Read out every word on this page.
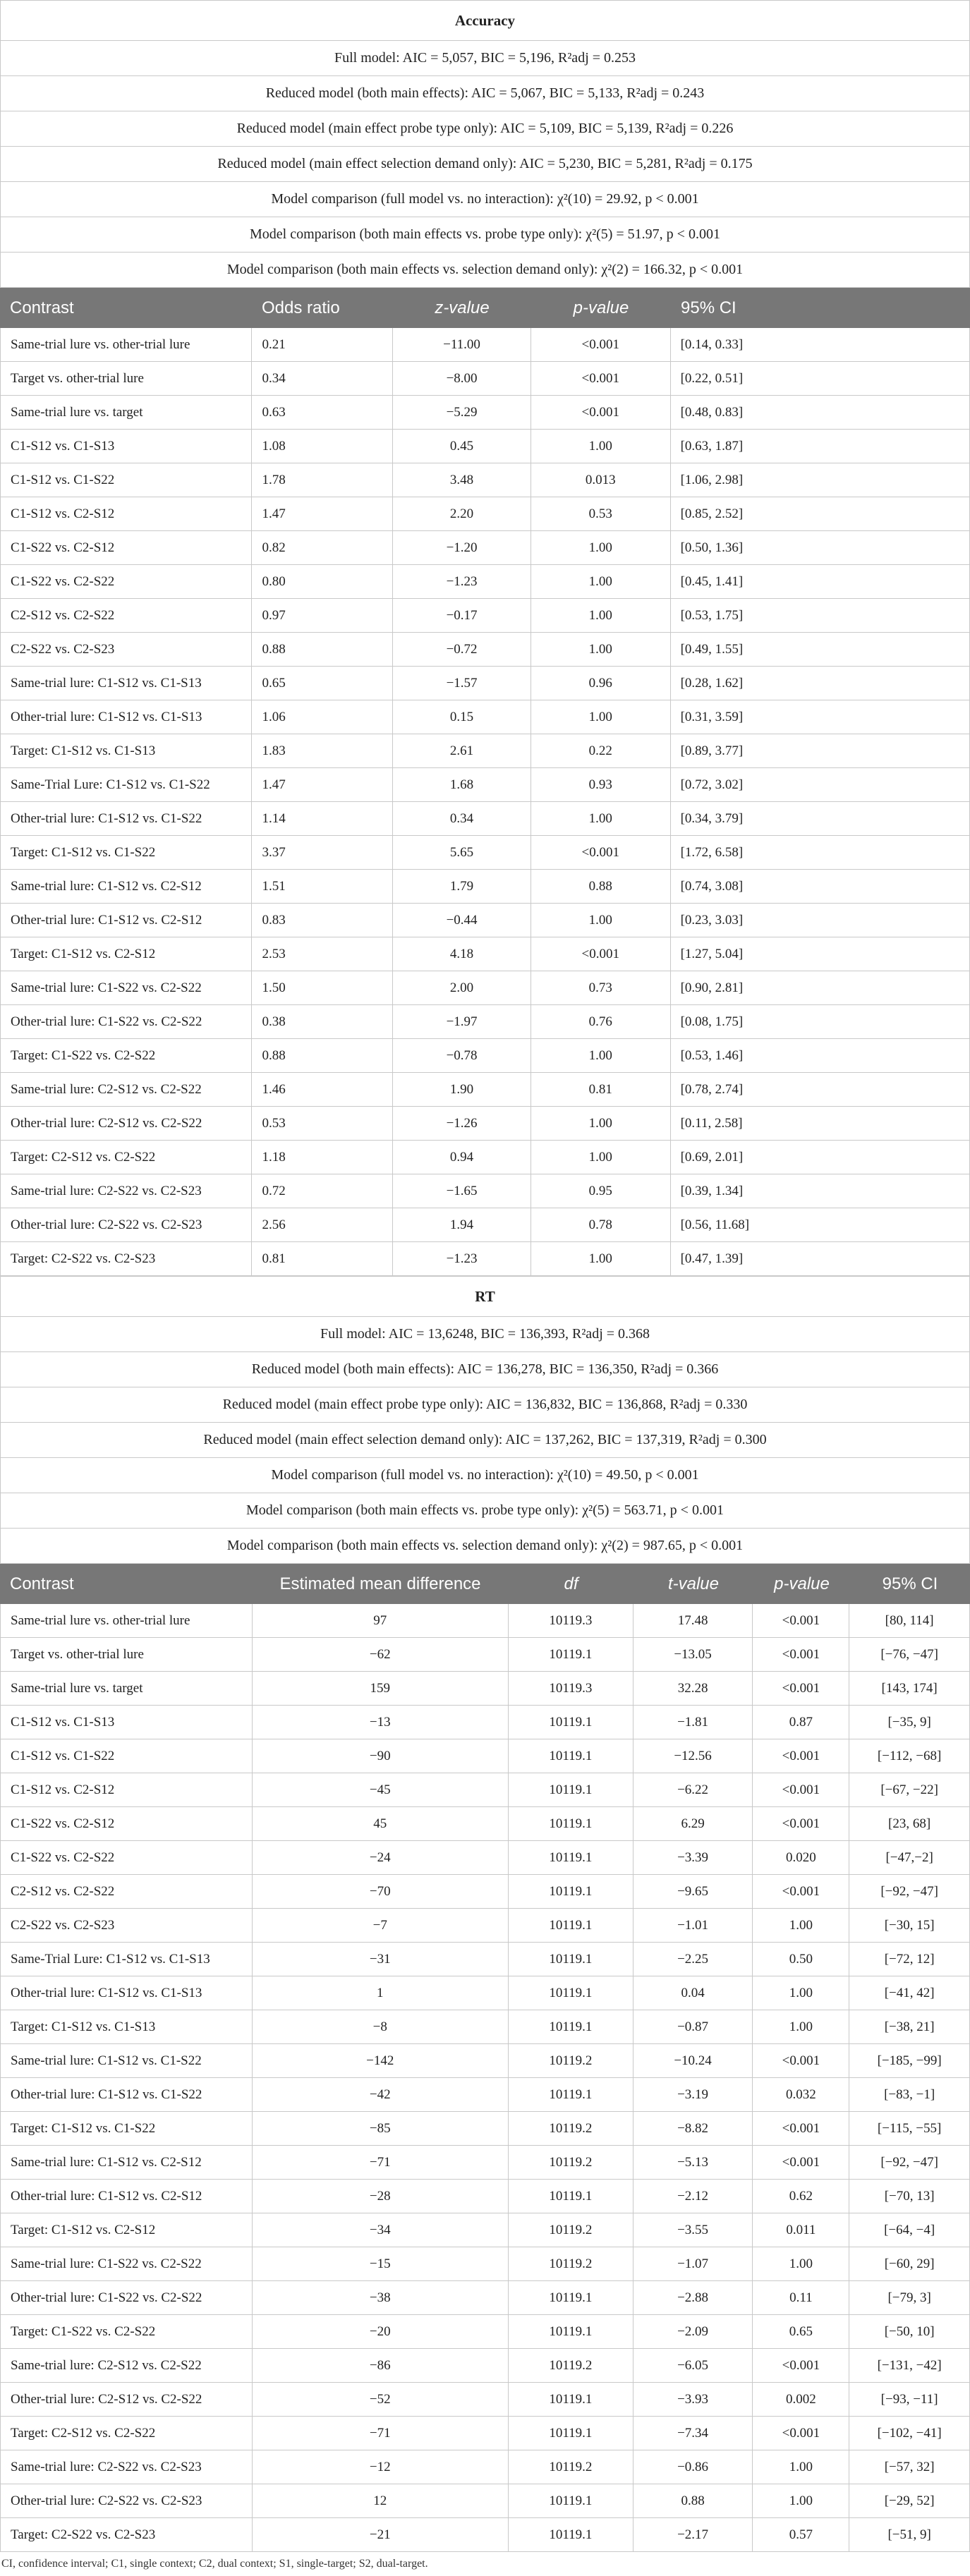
Accuracy
Full model: AIC = 5,057, BIC = 5,196, R²adj = 0.253
Reduced model (both main effects): AIC = 5,067, BIC = 5,133, R²adj = 0.243
Reduced model (main effect probe type only): AIC = 5,109, BIC = 5,139, R²adj = 0.226
Reduced model (main effect selection demand only): AIC = 5,230, BIC = 5,281, R²adj = 0.175
Model comparison (full model vs. no interaction): χ²(10) = 29.92, p < 0.001
Model comparison (both main effects vs. probe type only): χ²(5) = 51.97, p < 0.001
Model comparison (both main effects vs. selection demand only): χ²(2) = 166.32, p < 0.001
Contrast	Odds ratio	z-value	p-value	95% CI
Same-trial lure vs. other-trial lure	0.21	−11.00	<0.001	[0.14, 0.33]
Target vs. other-trial lure	0.34	−8.00	<0.001	[0.22, 0.51]
Same-trial lure vs. target	0.63	−5.29	<0.001	[0.48, 0.83]
C1-S12 vs. C1-S13	1.08	0.45	1.00	[0.63, 1.87]
C1-S12 vs. C1-S22	1.78	3.48	0.013	[1.06, 2.98]
C1-S12 vs. C2-S12	1.47	2.20	0.53	[0.85, 2.52]
C1-S22 vs. C2-S12	0.82	−1.20	1.00	[0.50, 1.36]
C1-S22 vs. C2-S22	0.80	−1.23	1.00	[0.45, 1.41]
C2-S12 vs. C2-S22	0.97	−0.17	1.00	[0.53, 1.75]
C2-S22 vs. C2-S23	0.88	−0.72	1.00	[0.49, 1.55]
Same-trial lure: C1-S12 vs. C1-S13	0.65	−1.57	0.96	[0.28, 1.62]
Other-trial lure: C1-S12 vs. C1-S13	1.06	0.15	1.00	[0.31, 3.59]
Target: C1-S12 vs. C1-S13	1.83	2.61	0.22	[0.89, 3.77]
Same-Trial Lure: C1-S12 vs. C1-S22	1.47	1.68	0.93	[0.72, 3.02]
Other-trial lure: C1-S12 vs. C1-S22	1.14	0.34	1.00	[0.34, 3.79]
Target: C1-S12 vs. C1-S22	3.37	5.65	<0.001	[1.72, 6.58]
Same-trial lure: C1-S12 vs. C2-S12	1.51	1.79	0.88	[0.74, 3.08]
Other-trial lure: C1-S12 vs. C2-S12	0.83	−0.44	1.00	[0.23, 3.03]
Target: C1-S12 vs. C2-S12	2.53	4.18	<0.001	[1.27, 5.04]
Same-trial lure: C1-S22 vs. C2-S22	1.50	2.00	0.73	[0.90, 2.81]
Other-trial lure: C1-S22 vs. C2-S22	0.38	−1.97	0.76	[0.08, 1.75]
Target: C1-S22 vs. C2-S22	0.88	−0.78	1.00	[0.53, 1.46]
Same-trial lure: C2-S12 vs. C2-S22	1.46	1.90	0.81	[0.78, 2.74]
Other-trial lure: C2-S12 vs. C2-S22	0.53	−1.26	1.00	[0.11, 2.58]
Target: C2-S12 vs. C2-S22	1.18	0.94	1.00	[0.69, 2.01]
Same-trial lure: C2-S22 vs. C2-S23	0.72	−1.65	0.95	[0.39, 1.34]
Other-trial lure: C2-S22 vs. C2-S23	2.56	1.94	0.78	[0.56, 11.68]
Target: C2-S22 vs. C2-S23	0.81	−1.23	1.00	[0.47, 1.39]
RT
Full model: AIC = 13,6248, BIC = 136,393, R²adj = 0.368
Reduced model (both main effects): AIC = 136,278, BIC = 136,350, R²adj = 0.366
Reduced model (main effect probe type only): AIC = 136,832, BIC = 136,868, R²adj = 0.330
Reduced model (main effect selection demand only): AIC = 137,262, BIC = 137,319, R²adj = 0.300
Model comparison (full model vs. no interaction): χ²(10) = 49.50, p < 0.001
Model comparison (both main effects vs. probe type only): χ²(5) = 563.71, p < 0.001
Model comparison (both main effects vs. selection demand only): χ²(2) = 987.65, p < 0.001
Contrast	Estimated mean difference	df	t-value	p-value	95% CI
Same-trial lure vs. other-trial lure	97	10119.3	17.48	<0.001	[80, 114]
Target vs. other-trial lure	−62	10119.1	−13.05	<0.001	[−76, −47]
Same-trial lure vs. target	159	10119.3	32.28	<0.001	[143, 174]
C1-S12 vs. C1-S13	−13	10119.1	−1.81	0.87	[−35, 9]
C1-S12 vs. C1-S22	−90	10119.1	−12.56	<0.001	[−112, −68]
C1-S12 vs. C2-S12	−45	10119.1	−6.22	<0.001	[−67, −22]
C1-S22 vs. C2-S12	45	10119.1	6.29	<0.001	[23, 68]
C1-S22 vs. C2-S22	−24	10119.1	−3.39	0.020	[−47,−2]
C2-S12 vs. C2-S22	−70	10119.1	−9.65	<0.001	[−92, −47]
C2-S22 vs. C2-S23	−7	10119.1	−1.01	1.00	[−30, 15]
Same-Trial Lure: C1-S12 vs. C1-S13	−31	10119.1	−2.25	0.50	[−72, 12]
Other-trial lure: C1-S12 vs. C1-S13	1	10119.1	0.04	1.00	[−41, 42]
Target: C1-S12 vs. C1-S13	−8	10119.1	−0.87	1.00	[−38, 21]
Same-trial lure: C1-S12 vs. C1-S22	−142	10119.2	−10.24	<0.001	[−185, −99]
Other-trial lure: C1-S12 vs. C1-S22	−42	10119.1	−3.19	0.032	[−83, −1]
Target: C1-S12 vs. C1-S22	−85	10119.2	−8.82	<0.001	[−115, −55]
Same-trial lure: C1-S12 vs. C2-S12	−71	10119.2	−5.13	<0.001	[−92, −47]
Other-trial lure: C1-S12 vs. C2-S12	−28	10119.1	−2.12	0.62	[−70, 13]
Target: C1-S12 vs. C2-S12	−34	10119.2	−3.55	0.011	[−64, −4]
Same-trial lure: C1-S22 vs. C2-S22	−15	10119.2	−1.07	1.00	[−60, 29]
Other-trial lure: C1-S22 vs. C2-S22	−38	10119.1	−2.88	0.11	[−79, 3]
Target: C1-S22 vs. C2-S22	−20	10119.1	−2.09	0.65	[−50, 10]
Same-trial lure: C2-S12 vs. C2-S22	−86	10119.2	−6.05	<0.001	[−131, −42]
Other-trial lure: C2-S12 vs. C2-S22	−52	10119.1	−3.93	0.002	[−93, −11]
Target: C2-S12 vs. C2-S22	−71	10119.1	−7.34	<0.001	[−102, −41]
Same-trial lure: C2-S22 vs. C2-S23	−12	10119.2	−0.86	1.00	[−57, 32]
Other-trial lure: C2-S22 vs. C2-S23	12	10119.1	0.88	1.00	[−29, 52]
Target: C2-S22 vs. C2-S23	−21	10119.1	−2.17	0.57	[−51, 9]
CI, confidence interval; C1, single context; C2, dual context; S1, single-target; S2, dual-target.
